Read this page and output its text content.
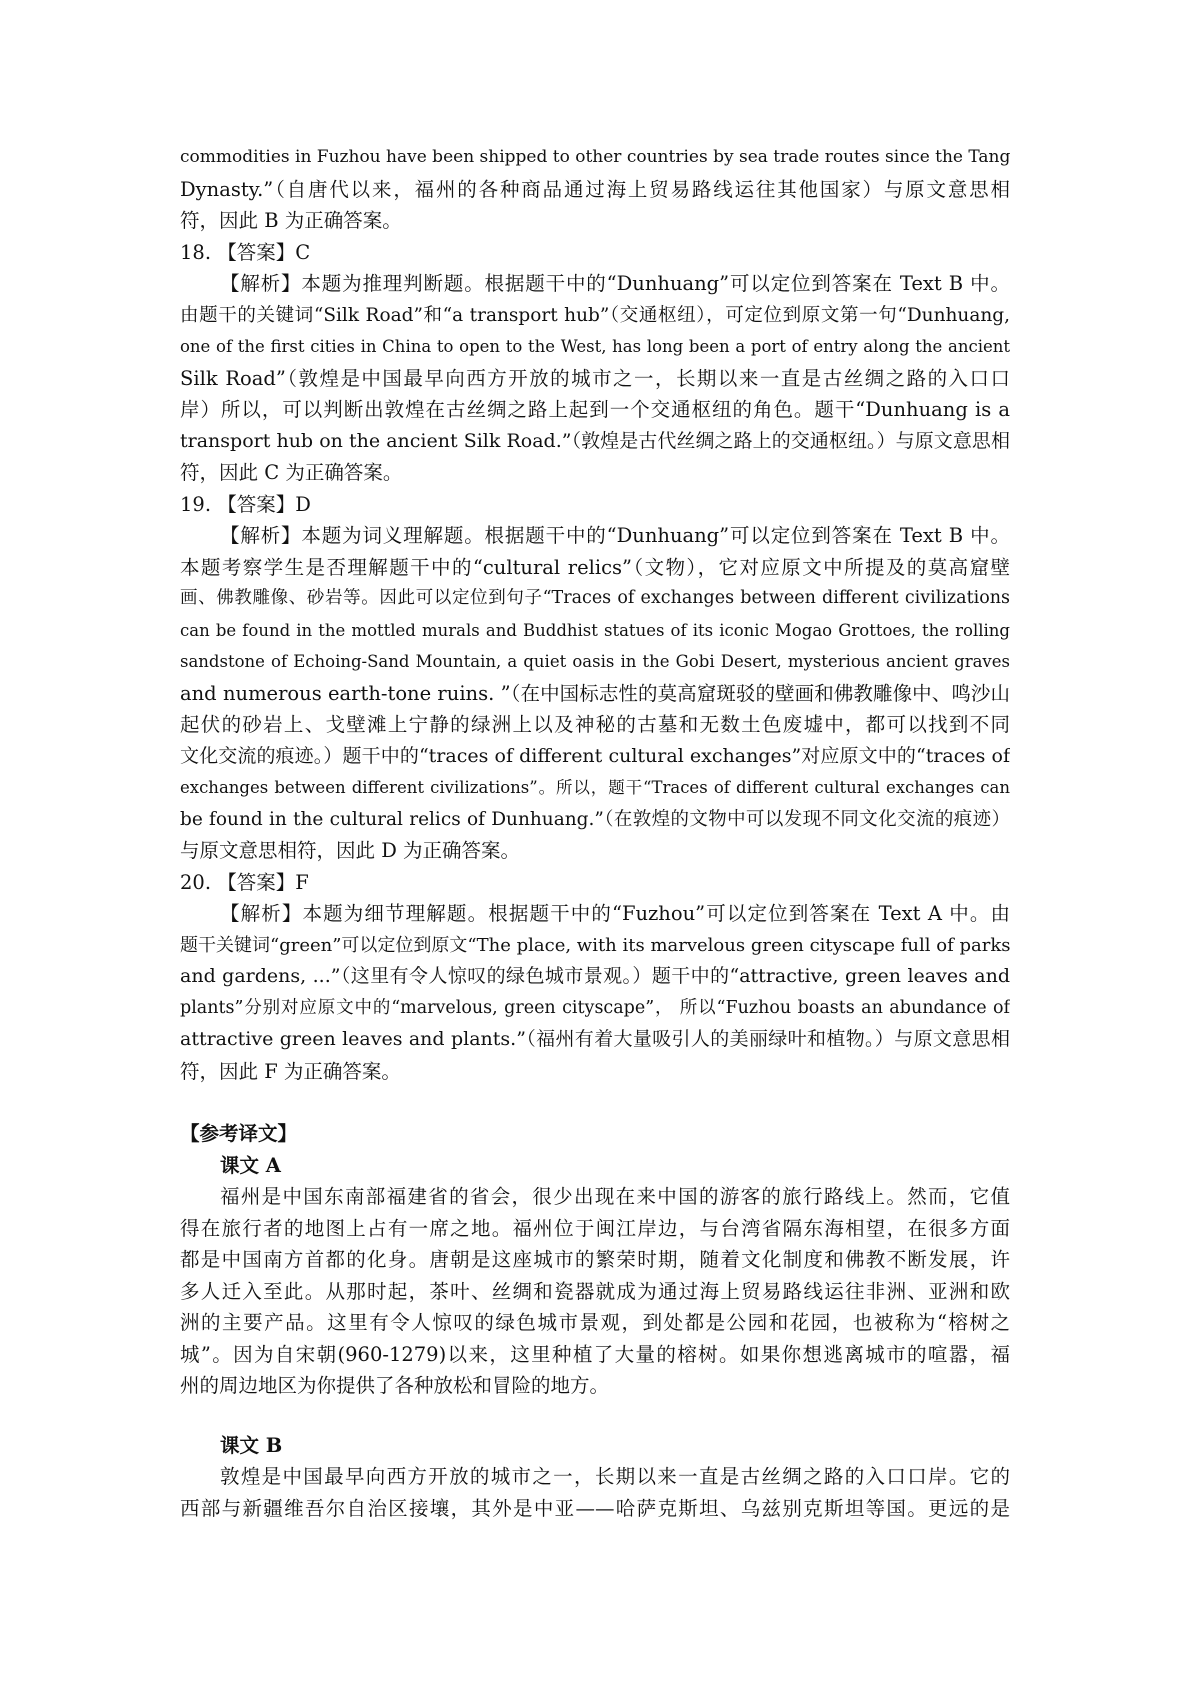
commodities in Fuzhou have been shipped to other countries by sea trade routes since the Tang
Dynasty.”（自唐代以来，福州的各种商品通过海上贸易路线运往其他国家）与原文意思相
符，因此 B 为正确答案。
18. 【答案】C
【解析】本题为推理判断题。根据题干中的“Dunhuang”可以定位到答案在 Text B 中。
由题干的关键词“Silk Road”和“a transport hub”（交通枢纽），可定位到原文第一句“Dunhuang,
one of the first cities in China to open to the West, has long been a port of entry along the ancient
Silk Road”（敦煌是中国最早向西方开放的城市之一，长期以来一直是古丝绸之路的入口口
岸）所以，可以判断出敦煌在古丝绸之路上起到一个交通枢纽的角色。题干“Dunhuang is a
transport hub on the ancient Silk Road.”（敦煌是古代丝绸之路上的交通枢纽。）与原文意思相
符，因此 C 为正确答案。
19. 【答案】D
【解析】本题为词义理解题。根据题干中的“Dunhuang”可以定位到答案在 Text B 中。
本题考察学生是否理解题干中的“cultural relics”（文物），它对应原文中所提及的莫高窟壁
画、佛教雕像、砂岩等。因此可以定位到句子“Traces of exchanges between different civilizations
can be found in the mottled murals and Buddhist statues of its iconic Mogao Grottoes, the rolling
sandstone of Echoing-Sand Mountain, a quiet oasis in the Gobi Desert, mysterious ancient graves
and numerous earth-tone ruins. ”（在中国标志性的莫高窟斑驳的壁画和佛教雕像中、鸣沙山
起伏的砂岩上、戈壁滩上宁静的绿洲上以及神秘的古墓和无数土色废墟中，都可以找到不同
文化交流的痕迹。）题干中的“traces of different cultural exchanges”对应原文中的“traces of
exchanges between different civilizations”。所以，题干“Traces of different cultural exchanges can
be found in the cultural relics of Dunhuang.”（在敦煌的文物中可以发现不同文化交流的痕迹）
与原文意思相符，因此 D 为正确答案。
20. 【答案】F
【解析】本题为细节理解题。根据题干中的“Fuzhou”可以定位到答案在 Text A 中。由
题干关键词“green”可以定位到原文“The place, with its marvelous green cityscape full of parks
and gardens, ...”（这里有令人惊叹的绿色城市景观。）题干中的“attractive, green leaves and
plants”分别对应原文中的“marvelous, green cityscape”， 所以“Fuzhou boasts an abundance of
attractive green leaves and plants.”（福州有着大量吸引人的美丽绿叶和植物。）与原文意思相
符，因此 F 为正确答案。
【参考译文】
课文 A
福州是中国东南部福建省的省会，很少出现在来中国的游客的旅行路线上。然而，它值
得在旅行者的地图上占有一席之地。福州位于闽江岸边，与台湾省隔东海相望，在很多方面
都是中国南方首都的化身。唐朝是这座城市的繁荣时期，随着文化制度和佛教不断发展，许
多人迁入至此。从那时起，茶叶、丝绸和瓷器就成为通过海上贸易路线运往非洲、亚洲和欧
洲的主要产品。这里有令人惊叹的绿色城市景观，到处都是公园和花园，也被称为“榕树之
城”。因为自宋朝(960-1279)以来，这里种植了大量的榕树。如果你想逃离城市的喧嚣，福
州的周边地区为你提供了各种放松和冒险的地方。
课文 B
敦煌是中国最早向西方开放的城市之一，长期以来一直是古丝绸之路的入口口岸。它的
西部与新疆维吾尔自治区接壤，其外是中亚——哈萨克斯坦、乌兹别克斯坦等国。更远的是
